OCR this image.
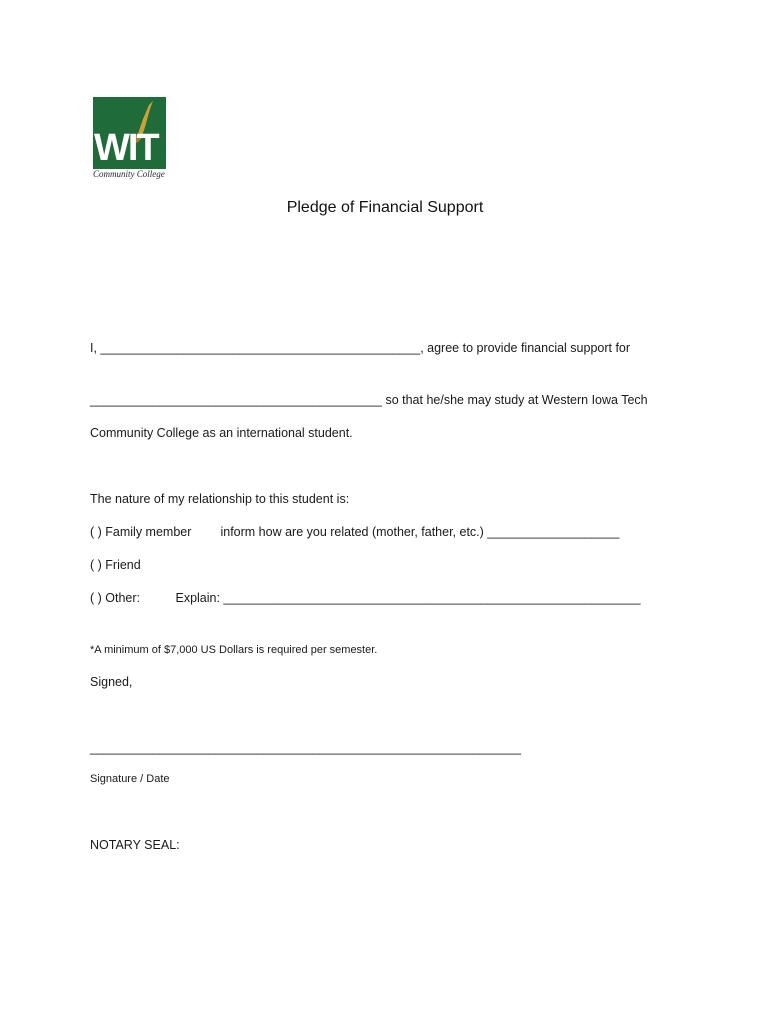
WIT
Community College
Pledge of Financial Support
I, ______________________________________________, agree to provide financial support for
__________________________________________ so that he/she may study at Western Iowa Tech
Community College as an international student.
The nature of my relationship to this student is:
( ) Family member inform how are you related (mother, father, etc.) ___________________
( ) Friend
( ) Other:	Explain: ____________________________________________________________
*A minimum of $7,000 US Dollars is required per semester.
Signed,
______________________________________________________________
Signature / Date
NOTARY SEAL:
